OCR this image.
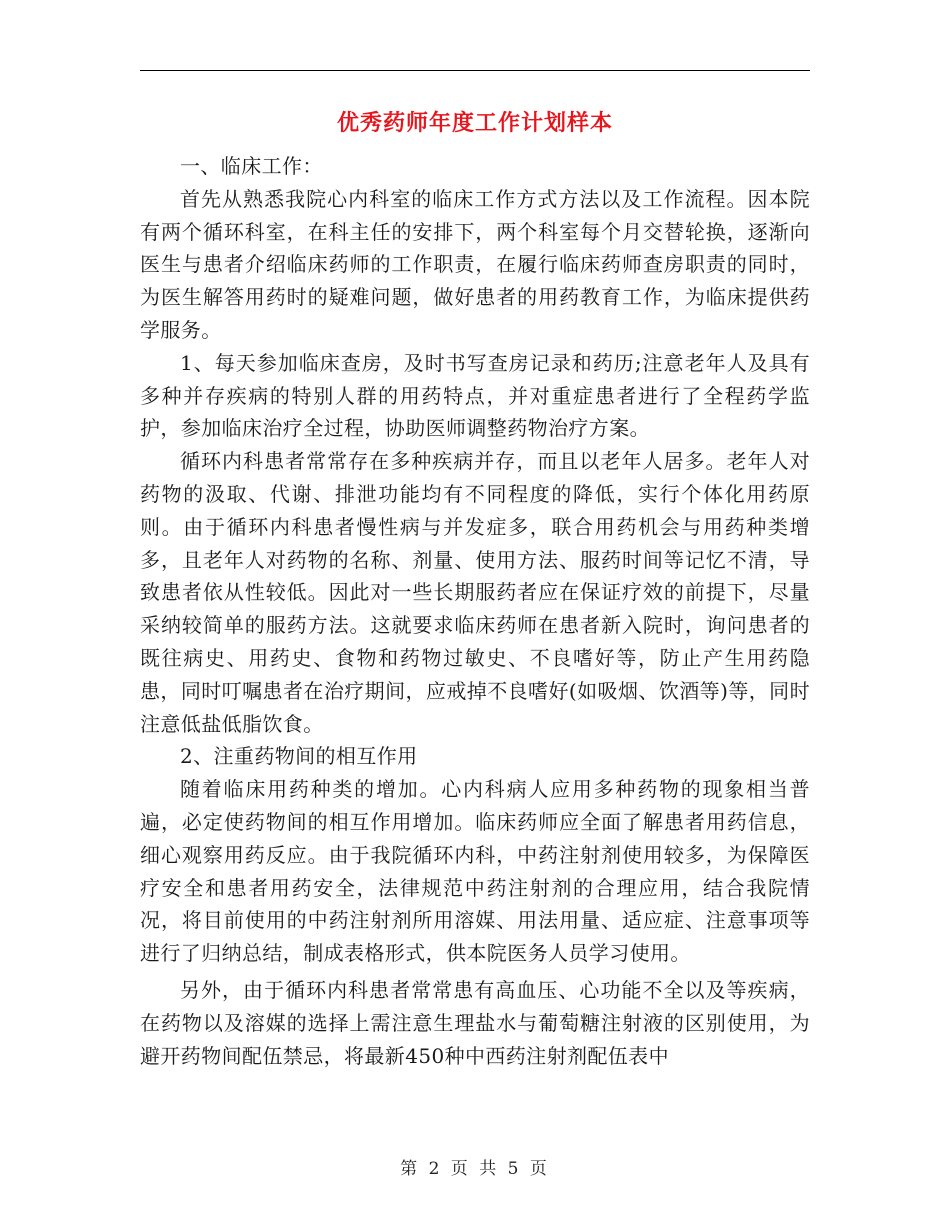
优秀药师年度工作计划样本

一、临床工作：

首先从熟悉我院心内科室的临床工作方式方法以及工作流程。因本院有两个循环科室，在科主任的安排下，两个科室每个月交替轮换，逐渐向医生与患者介绍临床药师的工作职责，在履行临床药师查房职责的同时，为医生解答用药时的疑难问题，做好患者的用药教育工作，为临床提供药学服务。

1、每天参加临床查房，及时书写查房记录和药历;注意老年人及具有多种并存疾病的特别人群的用药特点，并对重症患者进行了全程药学监护，参加临床治疗全过程，协助医师调整药物治疗方案。

循环内科患者常常存在多种疾病并存，而且以老年人居多。老年人对药物的汲取、代谢、排泄功能均有不同程度的降低，实行个体化用药原则。由于循环内科患者慢性病与并发症多，联合用药机会与用药种类增多，且老年人对药物的名称、剂量、使用方法、服药时间等记忆不清，导致患者依从性较低。因此对一些长期服药者应在保证疗效的前提下，尽量采纳较简单的服药方法。这就要求临床药师在患者新入院时，询问患者的既往病史、用药史、食物和药物过敏史、不良嗜好等，防止产生用药隐患，同时叮嘱患者在治疗期间，应戒掉不良嗜好(如吸烟、饮酒等)等，同时注意低盐低脂饮食。

2、注重药物间的相互作用

随着临床用药种类的增加。心内科病人应用多种药物的现象相当普遍，必定使药物间的相互作用增加。临床药师应全面了解患者用药信息，细心观察用药反应。由于我院循环内科，中药注射剂使用较多，为保障医疗安全和患者用药安全，法律规范中药注射剂的合理应用，结合我院情况，将目前使用的中药注射剂所用溶媒、用法用量、适应症、注意事项等进行了归纳总结，制成表格形式，供本院医务人员学习使用。

另外，由于循环内科患者常常患有高血压、心功能不全以及等疾病，在药物以及溶媒的选择上需注意生理盐水与葡萄糖注射液的区别使用，为避开药物间配伍禁忌，将最新450种中西药注射剂配伍表中

第 2 页 共 5 页
